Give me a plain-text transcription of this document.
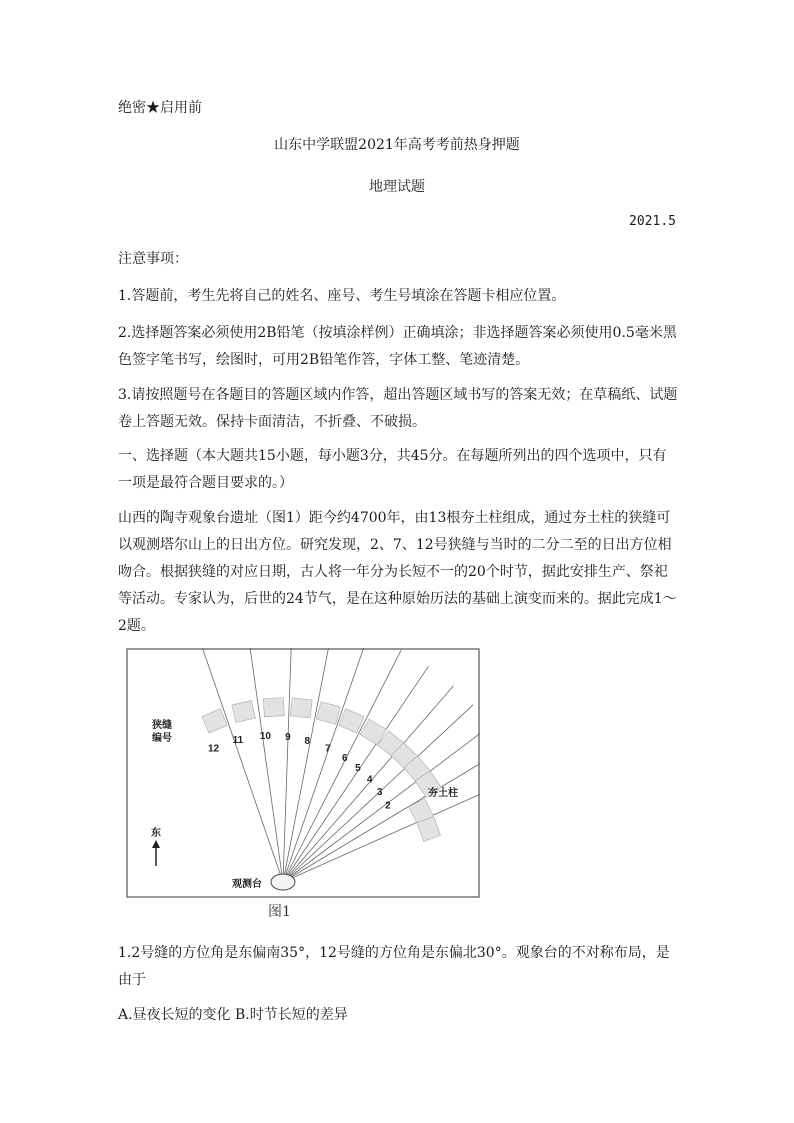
绝密★启用前
山东中学联盟2021年高考考前热身押题
地理试题
2021.5
注意事项：
1.答题前，考生先将自己的姓名、座号、考生号填涂在答题卡相应位置。
2.选择题答案必须使用2B铅笔（按填涂样例）正确填涂；非选择题答案必须使用0.5毫米黑色签字笔书写，绘图时，可用2B铅笔作答，字体工整、笔迹清楚。
3.请按照题号在各题目的答题区域内作答，超出答题区域书写的答案无效；在草稿纸、试题卷上答题无效。保持卡面清洁，不折叠、不破损。
一、选择题（本大题共15小题，每小题3分，共45分。在每题所列出的四个选项中，只有一项是最符合题目要求的。）
山西的陶寺观象台遗址（图1）距今约4700年，由13根夯土柱组成，通过夯土柱的狭缝可以观测塔尔山上的日出方位。研究发现，2、7、12号狭缝与当时的二分二至的日出方位相吻合。根据狭缝的对应日期，古人将一年分为长短不一的20个时节，据此安排生产、祭祀等活动。专家认为，后世的24节气，是在这种原始历法的基础上演变而来的。据此完成1～2题。
12
11 10 9 8
7
6
5
4
3
2
狭缝
编号
夯土柱
东
观测台
图1
1.2号缝的方位角是东偏南35°，12号缝的方位角是东偏北30°。观象台的不对称布局，是由于
A.昼夜长短的变化 B.时节长短的差异
